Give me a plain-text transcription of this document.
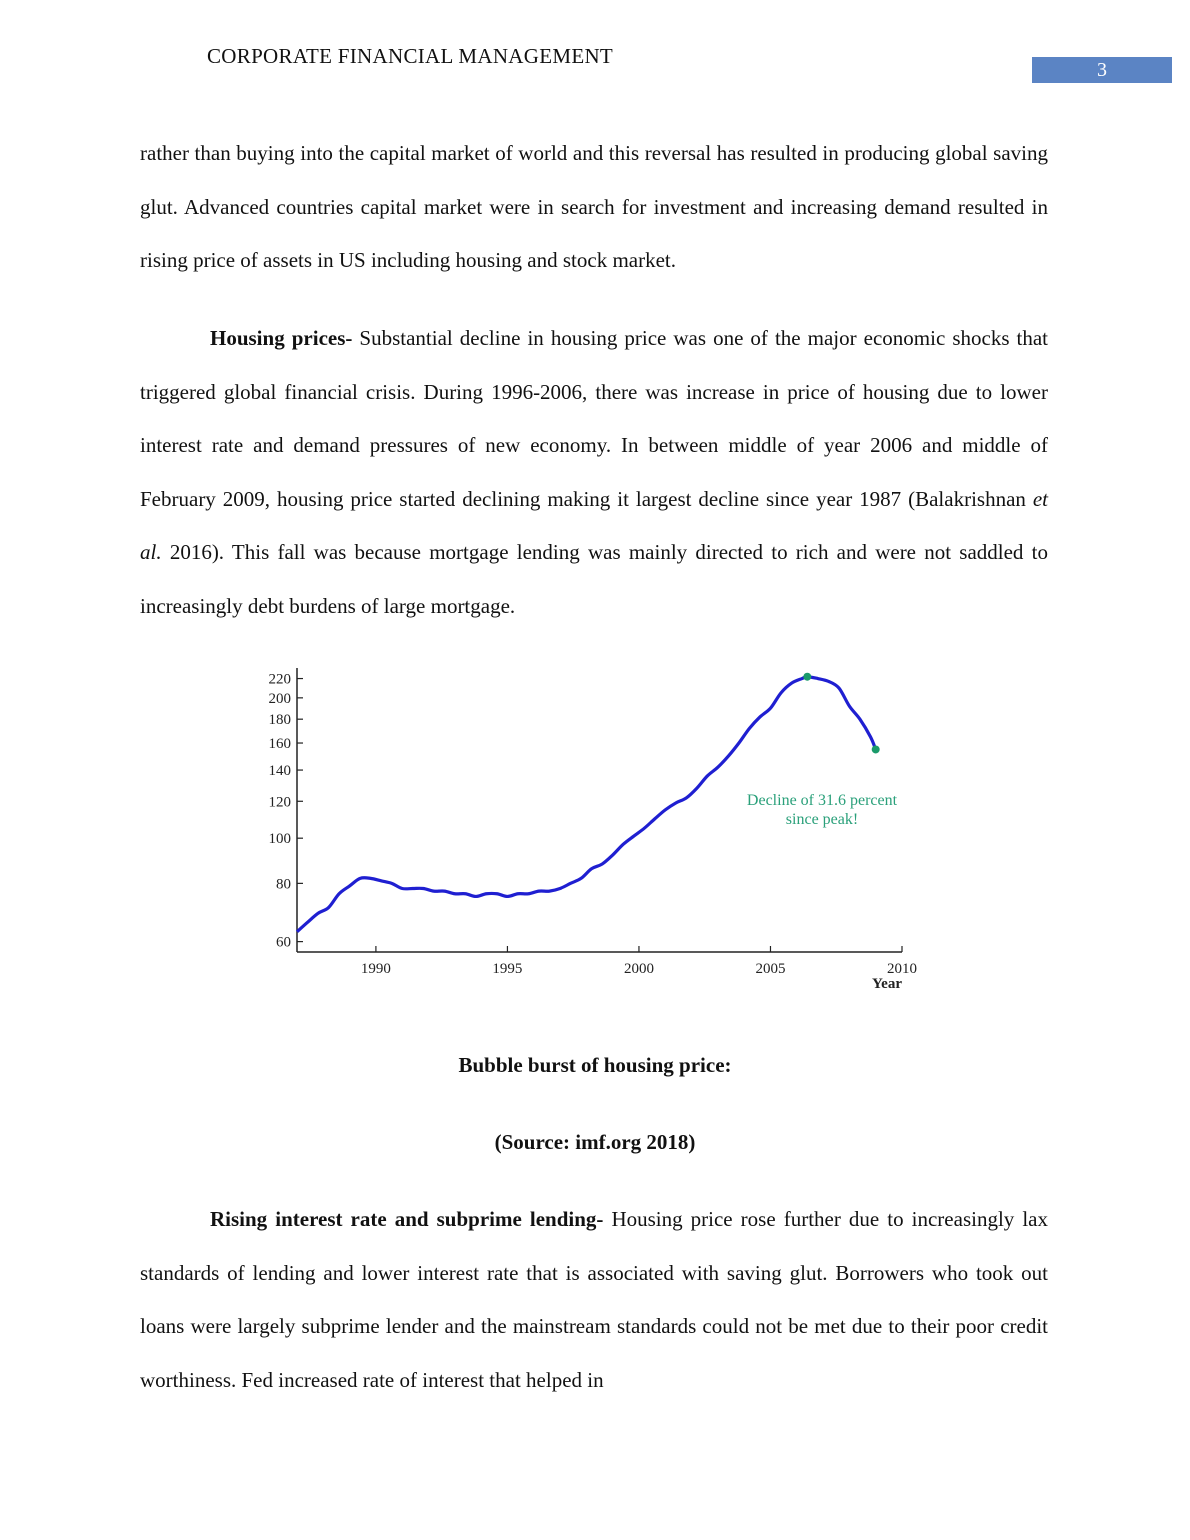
CORPORATE FINANCIAL MANAGEMENT
3

rather than buying into the capital market of world and this reversal has resulted in producing global saving glut. Advanced countries capital market were in search for investment and increasing demand resulted in rising price of assets in US including housing and stock market.

Housing prices- Substantial decline in housing price was one of the major economic shocks that triggered global financial crisis. During 1996-2006, there was increase in price of housing due to lower interest rate and demand pressures of new economy. In between middle of year 2006 and middle of February 2009, housing price started declining making it largest decline since year 1987 (Balakrishnan et al. 2016). This fall was because mortgage lending was mainly directed to rich and were not saddled to increasingly debt burdens of large mortgage.

60
80
100
120
140
160
180
200
220
1990	1995	2000	2005	2010
Year
Decline of 31.6 percent
since peak!
Bubble burst of housing price:
(Source: imf.org 2018)

Rising interest rate and subprime lending- Housing price rose further due to increasingly lax standards of lending and lower interest rate that is associated with saving glut. Borrowers who took out loans were largely subprime lender and the mainstream standards could not be met due to their poor credit worthiness. Fed increased rate of interest that helped in
